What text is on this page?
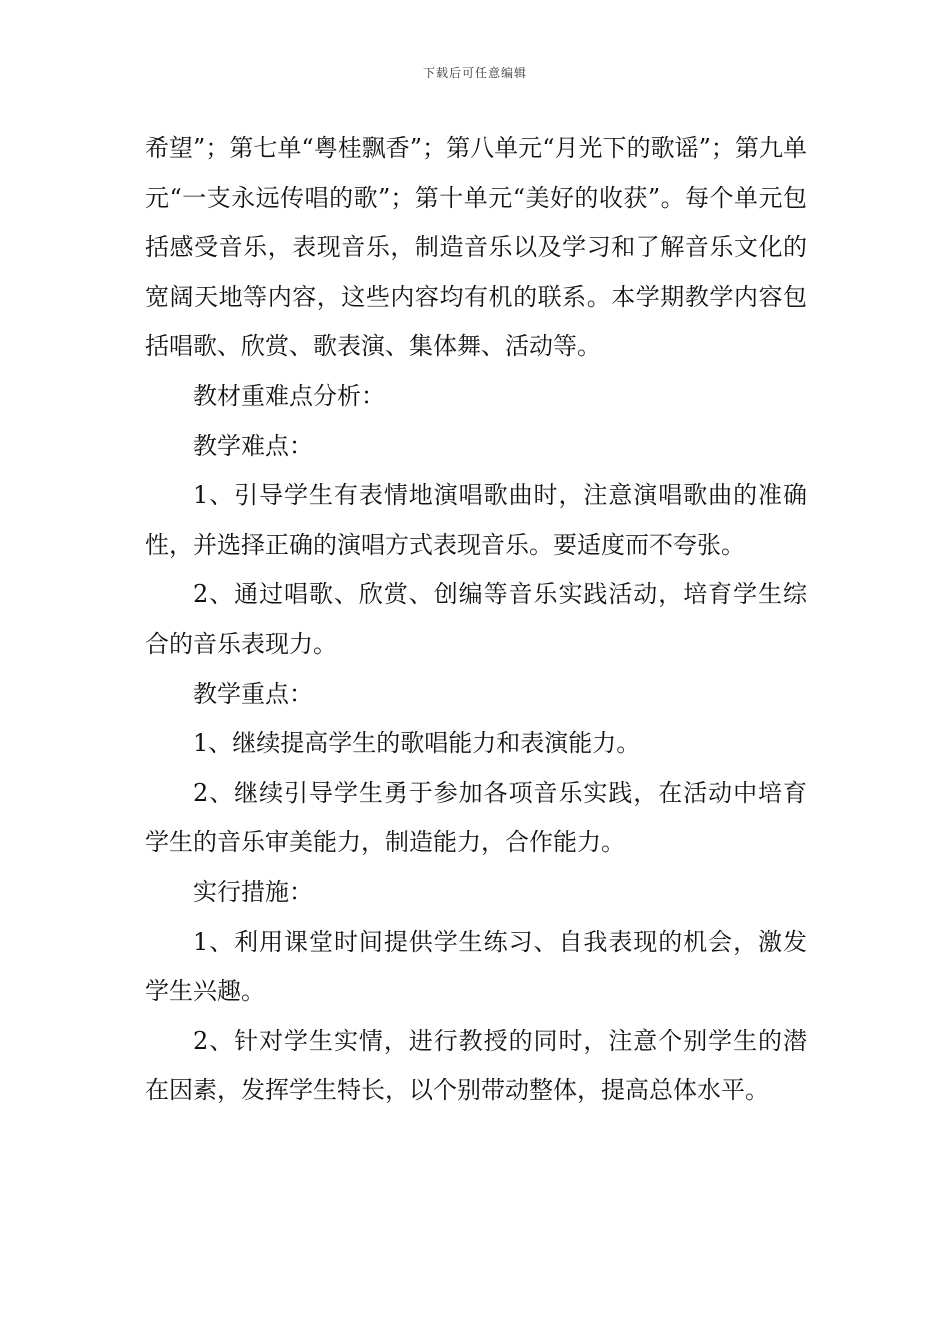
下载后可任意编辑

希望”；第七单“粤桂飘香”；第八单元“月光下的歌谣”；第九单元“一支永远传唱的歌”；第十单元“美好的收获”。每个单元包括感受音乐，表现音乐，制造音乐以及学习和了解音乐文化的宽阔天地等内容，这些内容均有机的联系。本学期教学内容包括唱歌、欣赏、歌表演、集体舞、活动等。

教材重难点分析：

教学难点：

1、引导学生有表情地演唱歌曲时，注意演唱歌曲的准确性，并选择正确的演唱方式表现音乐。要适度而不夸张。

2、通过唱歌、欣赏、创编等音乐实践活动，培育学生综合的音乐表现力。

教学重点：

1、继续提高学生的歌唱能力和表演能力。

2、继续引导学生勇于参加各项音乐实践，在活动中培育学生的音乐审美能力，制造能力，合作能力。

实行措施：

1、利用课堂时间提供学生练习、自我表现的机会，激发学生兴趣。

2、针对学生实情，进行教授的同时，注意个别学生的潜在因素，发挥学生特长，以个别带动整体，提高总体水平。
